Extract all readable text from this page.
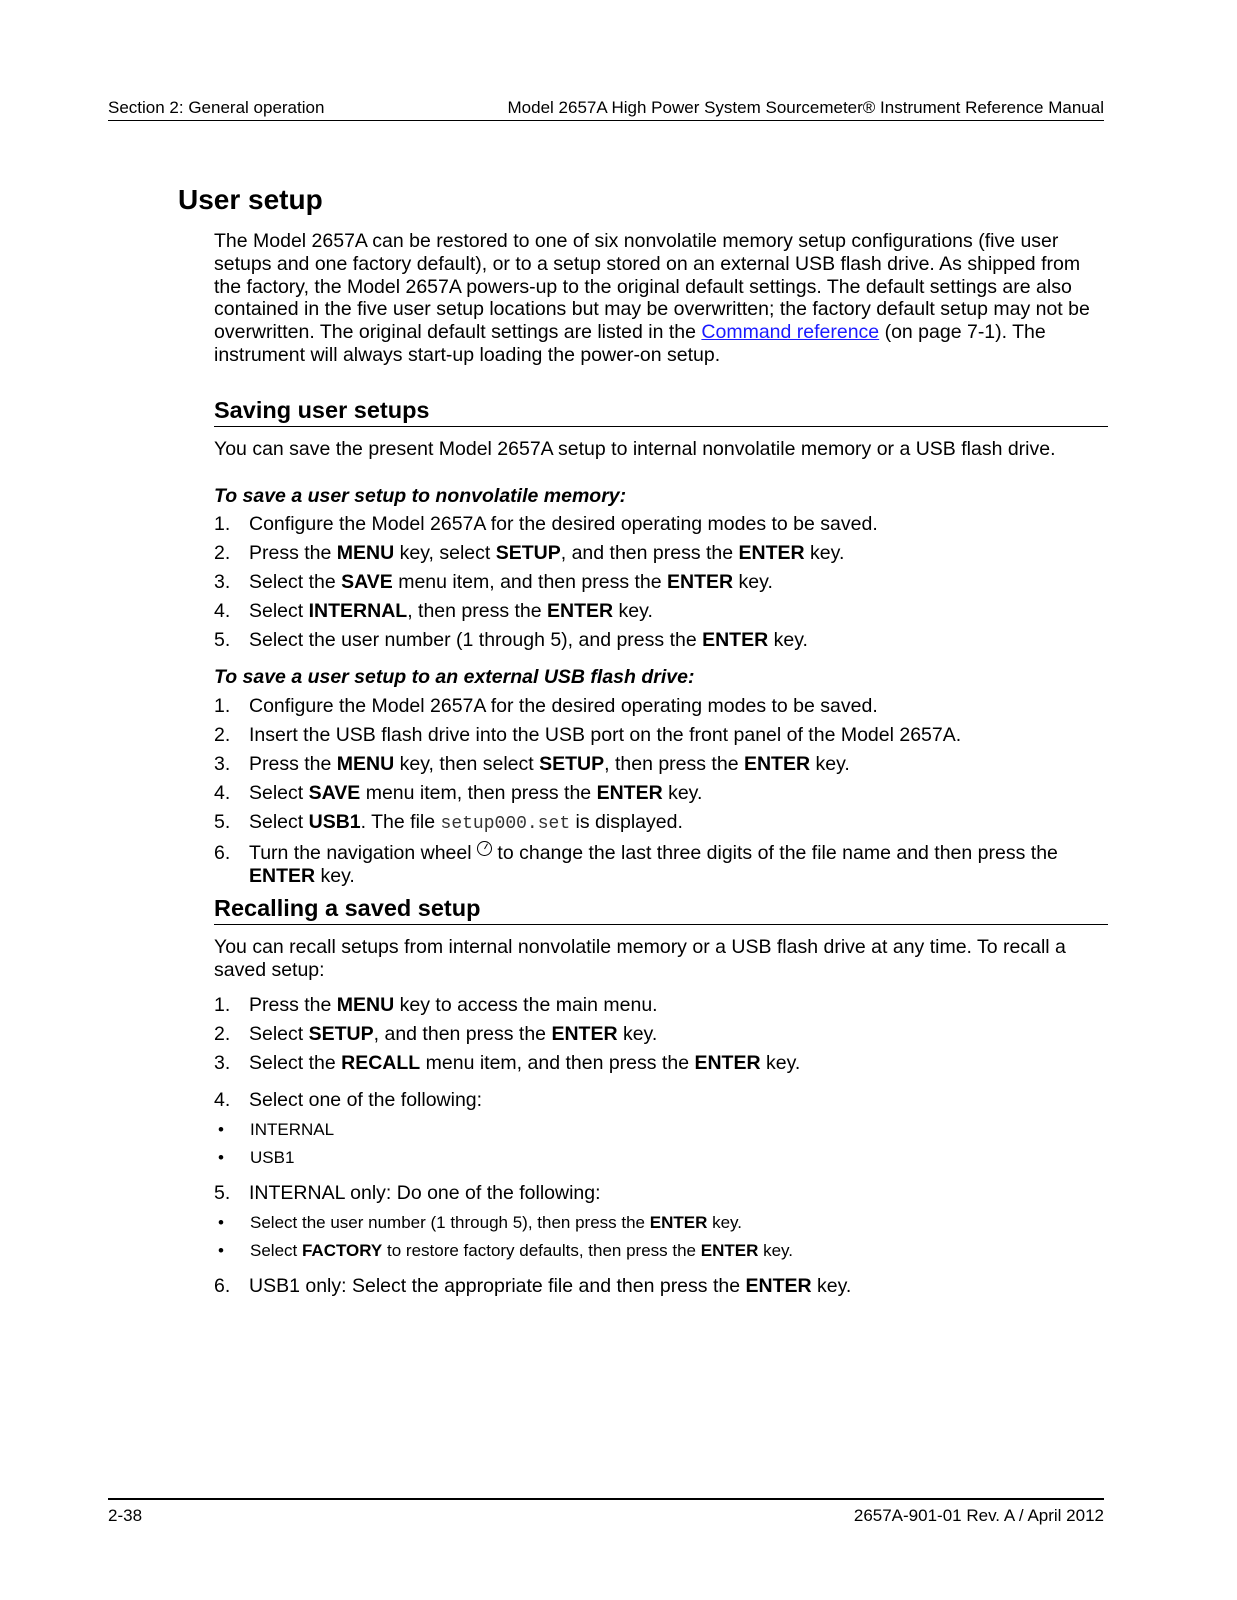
Section 2: General operation	Model 2657A High Power System Sourcemeter® Instrument Reference Manual
User setup

The Model 2657A can be restored to one of six nonvolatile memory setup configurations (five user setups and one factory default), or to a setup stored on an external USB flash drive. As shipped from the factory, the Model 2657A powers-up to the original default settings. The default settings are also contained in the five user setup locations but may be overwritten; the factory default setup may not be overwritten. The original default settings are listed in the Command reference (on page 7-1). The instrument will always start-up loading the power-on setup.

Saving user setups

You can save the present Model 2657A setup to internal nonvolatile memory or a USB flash drive.

To save a user setup to nonvolatile memory:

1. Configure the Model 2657A for the desired operating modes to be saved.
2. Press the MENU key, select SETUP, and then press the ENTER key.
3. Select the SAVE menu item, and then press the ENTER key.
4. Select INTERNAL, then press the ENTER key.
5. Select the user number (1 through 5), and press the ENTER key.

To save a user setup to an external USB flash drive:

1. Configure the Model 2657A for the desired operating modes to be saved.
2. Insert the USB flash drive into the USB port on the front panel of the Model 2657A.
3. Press the MENU key, then select SETUP, then press the ENTER key.
4. Select SAVE menu item, then press the ENTER key.
5. Select USB1. The file setup000.set is displayed.
6. Turn the navigation wheel  to change the last three digits of the file name and then press the ENTER key.
Recalling a saved setup

You can recall setups from internal nonvolatile memory or a USB flash drive at any time. To recall a saved setup:

1. Press the MENU key to access the main menu.
2. Select SETUP, and then press the ENTER key.
3. Select the RECALL menu item, and then press the ENTER key.
4. Select one of the following:
• INTERNAL
• USB1
5. INTERNAL only: Do one of the following:
• Select the user number (1 through 5), then press the ENTER key.
• Select FACTORY to restore factory defaults, then press the ENTER key.
6. USB1 only: Select the appropriate file and then press the ENTER key.
2-38	2657A-901-01 Rev. A / April 2012
